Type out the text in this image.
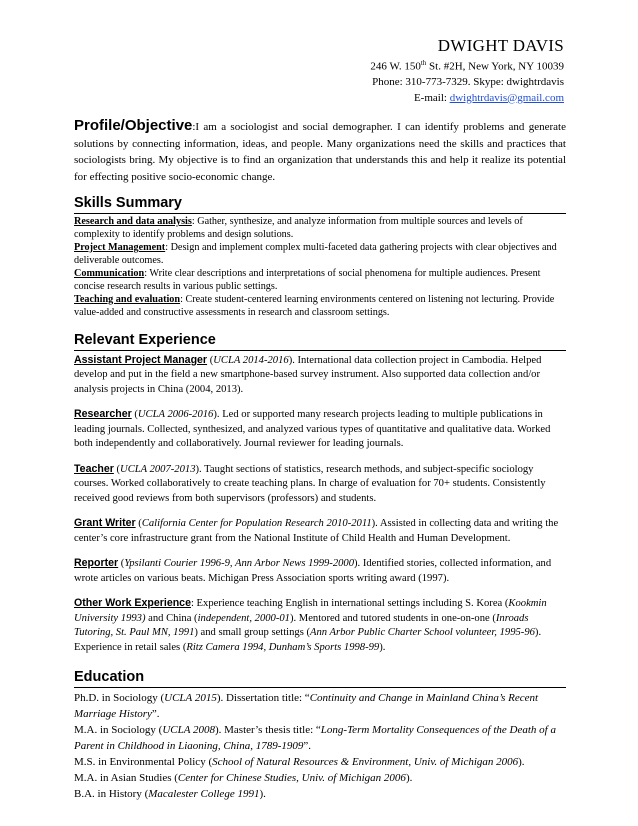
DWIGHT DAVIS
246 W. 150th St. #2H, New York, NY 10039
Phone: 310-773-7329. Skype: dwightrdavis
E-mail: dwightrdavis@gmail.com

Profile/Objective:I am a sociologist and social demographer. I can identify problems and generate solutions by connecting information, ideas, and people. Many organizations need the skills and practices that sociologists bring. My objective is to find an organization that understands this and help it realize its potential for effecting positive socio-economic change.

Skills Summary

Research and data analysis: Gather, synthesize, and analyze information from multiple sources and levels of complexity to identify problems and design solutions.

Project Management: Design and implement complex multi-faceted data gathering projects with clear objectives and deliverable outcomes.

Communication: Write clear descriptions and interpretations of social phenomena for multiple audiences. Present concise research results in various public settings.

Teaching and evaluation: Create student-centered learning environments centered on listening not lecturing. Provide value-added and constructive assessments in research and classroom settings.

Relevant Experience

Assistant Project Manager (UCLA 2014-2016). International data collection project in Cambodia. Helped develop and put in the field a new smartphone-based survey instrument. Also supported data collection and/or analysis projects in China (2004, 2013).

Researcher (UCLA 2006-2016). Led or supported many research projects leading to multiple publications in leading journals. Collected, synthesized, and analyzed various types of quantitative and qualitative data. Worked both independently and collaboratively. Journal reviewer for leading journals.

Teacher (UCLA 2007-2013). Taught sections of statistics, research methods, and subject-specific sociology courses. Worked collaboratively to create teaching plans. In charge of evaluation for 70+ students. Consistently received good reviews from both supervisors (professors) and students.

Grant Writer (California Center for Population Research 2010-2011). Assisted in collecting data and writing the center’s core infrastructure grant from the National Institute of Child Health and Human Development.

Reporter (Ypsilanti Courier 1996-9, Ann Arbor News 1999-2000). Identified stories, collected information, and wrote articles on various beats. Michigan Press Association sports writing award (1997).

Other Work Experience: Experience teaching English in international settings including S. Korea (Kookmin University 1993) and China (independent, 2000-01). Mentored and tutored students in one-on-one (Inroads Tutoring, St. Paul MN, 1991) and small group settings (Ann Arbor Public Charter School volunteer, 1995-96). Experience in retail sales (Ritz Camera 1994, Dunham’s Sports 1998-99).

Education

Ph.D. in Sociology (UCLA 2015). Dissertation title: “Continuity and Change in Mainland China’s Recent Marriage History”.

M.A. in Sociology (UCLA 2008). Master’s thesis title: “Long-Term Mortality Consequences of the Death of a Parent in Childhood in Liaoning, China, 1789-1909”.

M.S. in Environmental Policy (School of Natural Resources & Environment, Univ. of Michigan 2006).

M.A. in Asian Studies (Center for Chinese Studies, Univ. of Michigan 2006).

B.A. in History (Macalester College 1991).
